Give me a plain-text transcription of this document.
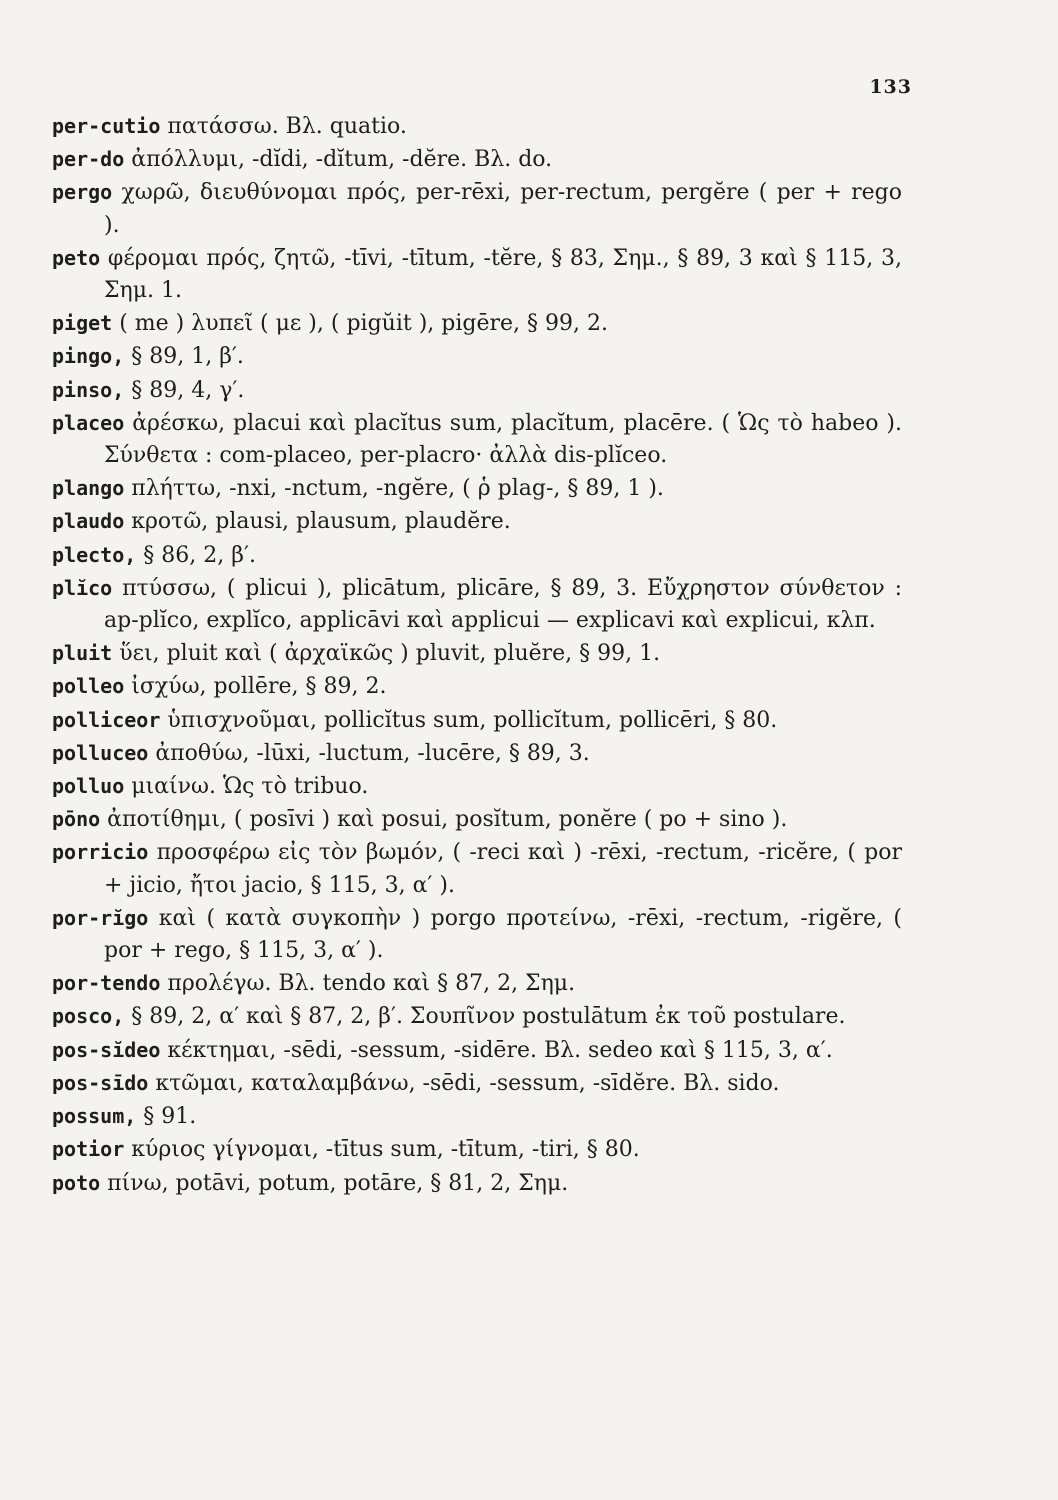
133

per-cutio πατάσσω. Βλ. quatio.

per-do ἀπόλλυμι, -dĭdi, -dĭtum, -dĕre. Βλ. do.

pergo χωρῶ, διευθύνομαι πρός, per-rēxi, per-rectum, pergĕre ( per + rego ).

peto φέρομαι πρός, ζητῶ, -tīvi, -tītum, -tĕre, § 83, Σημ., § 89, 3 καὶ § 115, 3, Σημ. 1.

piget ( me ) λυπεῖ ( με ), ( pigŭit ), pigēre, § 99, 2.

pingo, § 89, 1, β′.

pinso, § 89, 4, γ′.

placeo ἀρέσκω, placui καὶ placĭtus sum, placĭtum, placēre. ( Ὡς τὸ habeo ). Σύνθετα : com-placeo, per-placro· ἀλλὰ dis-plĭceo.

plango πλήττω, -nxi, -nctum, -ngĕre, ( ῥ plag-, § 89, 1 ).

plaudo κροτῶ, plausi, plausum, plaudĕre.

plecto, § 86, 2, β′.

plĭco πτύσσω, ( plicui ), plicātum, plicāre, § 89, 3. Εὔχρηστον σύνθετον : ap-plĭco, explĭco, applicāvi καὶ applicui — explicavi καὶ explicui, κλπ.

pluit ὕει, pluit καὶ ( ἀρχαϊκῶς ) pluvit, pluĕre, § 99, 1.

polleo ἰσχύω, pollēre, § 89, 2.

polliceor ὑπισχνοῦμαι, pollicĭtus sum, pollicĭtum, pollicēri, § 80.

polluceo ἀποθύω, -lūxi, -luctum, -lucēre, § 89, 3.

polluo μιαίνω. Ὡς τὸ tribuo.

pōno ἀποτίθημι, ( posīvi ) καὶ posui, posĭtum, ponĕre ( po + sino ).

porricio προσφέρω εἰς τὸν βωμόν, ( -reci καὶ ) -rēxi, -rectum, -ricĕre, ( por + jicio, ἤτοι jacio, § 115, 3, α′ ).

por-rĭgo καὶ ( κατὰ συγκοπὴν ) porgo προτείνω, -rēxi, -rectum, -rigĕre, ( por + rego, § 115, 3, α′ ).

por-tendo προλέγω. Βλ. tendo καὶ § 87, 2, Σημ.

posco, § 89, 2, α′ καὶ § 87, 2, β′. Σουπῖνον postulātum ἐκ τοῦ postulare.

pos-sĭdeo κέκτημαι, -sēdi, -sessum, -sidēre. Βλ. sedeo καὶ § 115, 3, α′.

pos-sīdo κτῶμαι, καταλαμβάνω, -sēdi, -sessum, -sīdĕre. Βλ. sido.

possum, § 91.

potior κύριος γίγνομαι, -tītus sum, -tītum, -tiri, § 80.

poto πίνω, potāvi, potum, potāre, § 81, 2, Σημ.
